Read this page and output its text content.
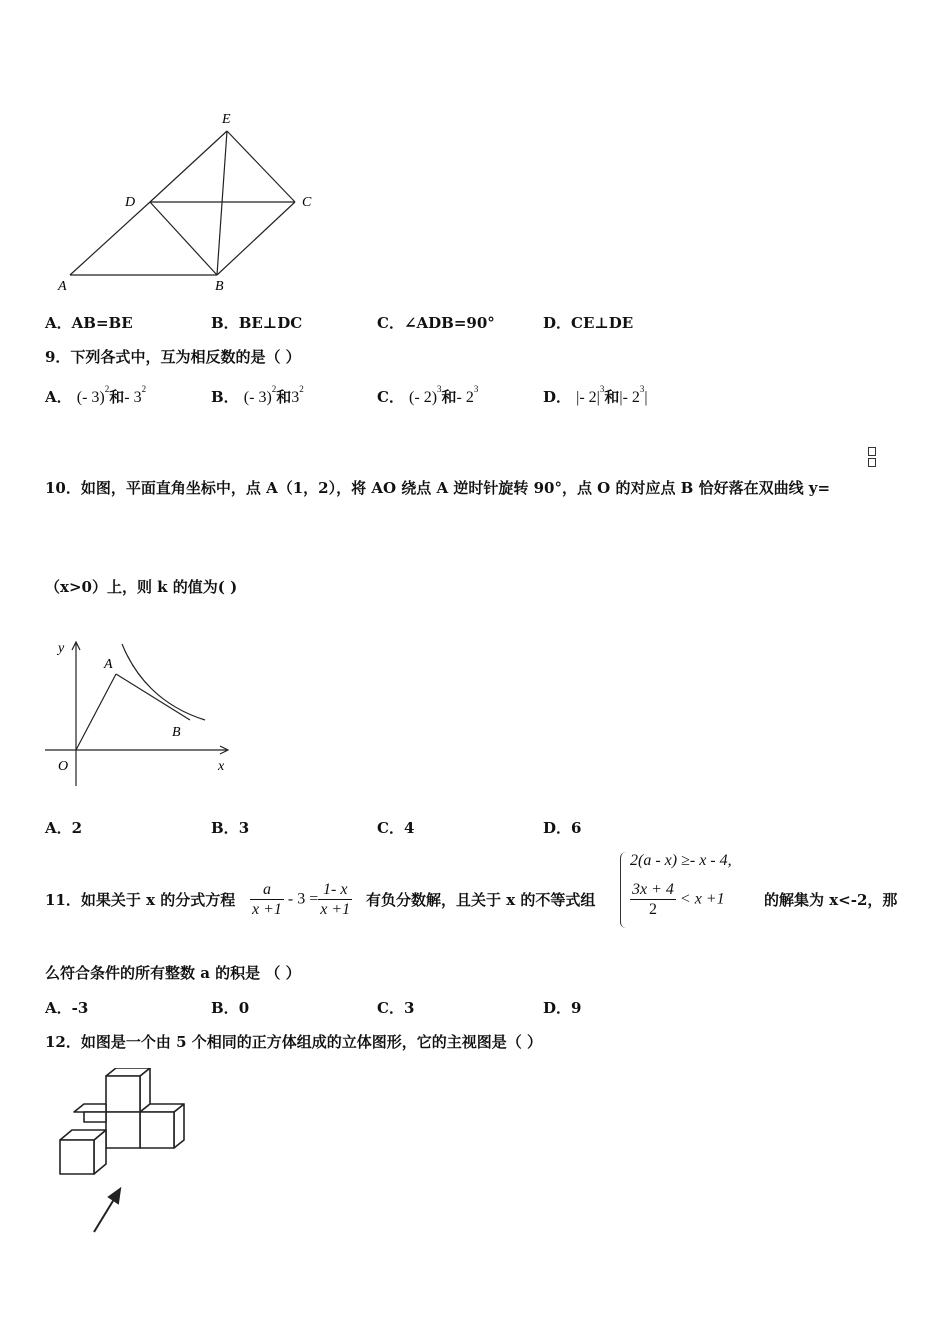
E
D	C
A	B
A．AB=BE	B．BE⊥DC	C．∠ADB=90°	D．CE⊥DE
9．下列各式中，互为相反数的是（ ）
A． (- 3)$^2$和- $3^2$	B． (- 3)$^2$和$3^2$	C． (- 2)$^3$和- $2^3$	D． |- $2|^3$和|- $2^3|$
10．如图，平面直角坐标中，点 A（1，2），将 AO 绕点 A 逆时针旋转 90°，点 O 的对应点 B 恰好落在双曲线 y=
（x>0）上，则 k 的值为( )
y
x
O
A
B
A．2	B．3	C．4	D．6
11．如果关于 x 的分式方程 $\frac{a}{x +1} - 3 = \frac{1- x}{x +1}$ 有负分数解，且关于 x 的不等式组
2(a - x) ≥- x - 4,
$\frac{3x + 4}{2} < x +1$	的解集为 x<-2，那
么符合条件的所有整数 a 的积是 （ ）
A．-3	B．0	C．3	D．9
12．如图是一个由 5 个相同的正方体组成的立体图形，它的主视图是（ ）
